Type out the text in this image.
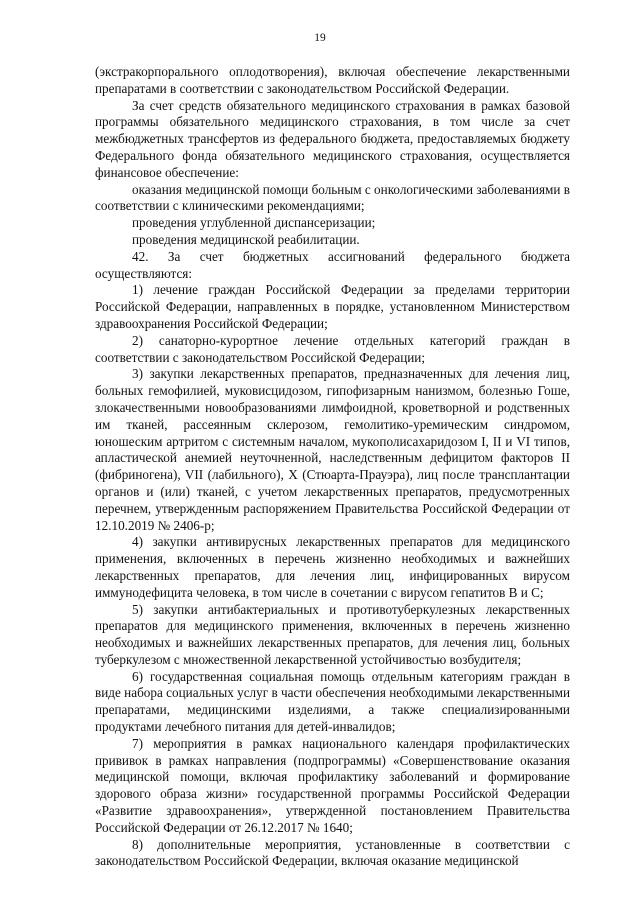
19

(экстракорпорального оплодотворения), включая обеспечение лекарственными препаратами в соответствии с законодательством Российской Федерации.

За счет средств обязательного медицинского страхования в рамках базовой программы обязательного медицинского страхования, в том числе за счет межбюджетных трансфертов из федерального бюджета, предоставляемых бюджету Федерального фонда обязательного медицинского страхования, осуществляется финансовое обеспечение:

оказания медицинской помощи больным с онкологическими заболеваниями в соответствии с клиническими рекомендациями;

проведения углубленной диспансеризации;

проведения медицинской реабилитации.

42. За счет бюджетных ассигнований федерального бюджета осуществляются:

1) лечение граждан Российской Федерации за пределами территории Российской Федерации, направленных в порядке, установленном Министерством здравоохранения Российской Федерации;

2) санаторно-курортное лечение отдельных категорий граждан в соответствии с законодательством Российской Федерации;

3) закупки лекарственных препаратов, предназначенных для лечения лиц, больных гемофилией, муковисцидозом, гипофизарным нанизмом, болезнью Гоше, злокачественными новообразованиями лимфоидной, кроветворной и родственных им тканей, рассеянным склерозом, гемолитико-уремическим синдромом, юношеским артритом с системным началом, мукополисахаридозом I, II и VI типов, апластической анемией неуточненной, наследственным дефицитом факторов II (фибриногена), VII (лабильного), X (Стюарта-Прауэра), лиц после трансплантации органов и (или) тканей, с учетом лекарственных препаратов, предусмотренных перечнем, утвержденным распоряжением Правительства Российской Федерации от 12.10.2019 № 2406-р;

4) закупки антивирусных лекарственных препаратов для медицинского применения, включенных в перечень жизненно необходимых и важнейших лекарственных препаратов, для лечения лиц, инфицированных вирусом иммунодефицита человека, в том числе в сочетании с вирусом гепатитов B и C;

5) закупки антибактериальных и противотуберкулезных лекарственных препаратов для медицинского применения, включенных в перечень жизненно необходимых и важнейших лекарственных препаратов, для лечения лиц, больных туберкулезом с множественной лекарственной устойчивостью возбудителя;

6) государственная социальная помощь отдельным категориям граждан в виде набора социальных услуг в части обеспечения необходимыми лекарственными препаратами, медицинскими изделиями, а также специализированными продуктами лечебного питания для детей-инвалидов;

7) мероприятия в рамках национального календаря профилактических прививок в рамках направления (подпрограммы) «Совершенствование оказания медицинской помощи, включая профилактику заболеваний и формирование здорового образа жизни» государственной программы Российской Федерации «Развитие здравоохранения», утвержденной постановлением Правительства Российской Федерации от 26.12.2017 № 1640;

8) дополнительные мероприятия, установленные в соответствии с законодательством Российской Федерации, включая оказание медицинской
